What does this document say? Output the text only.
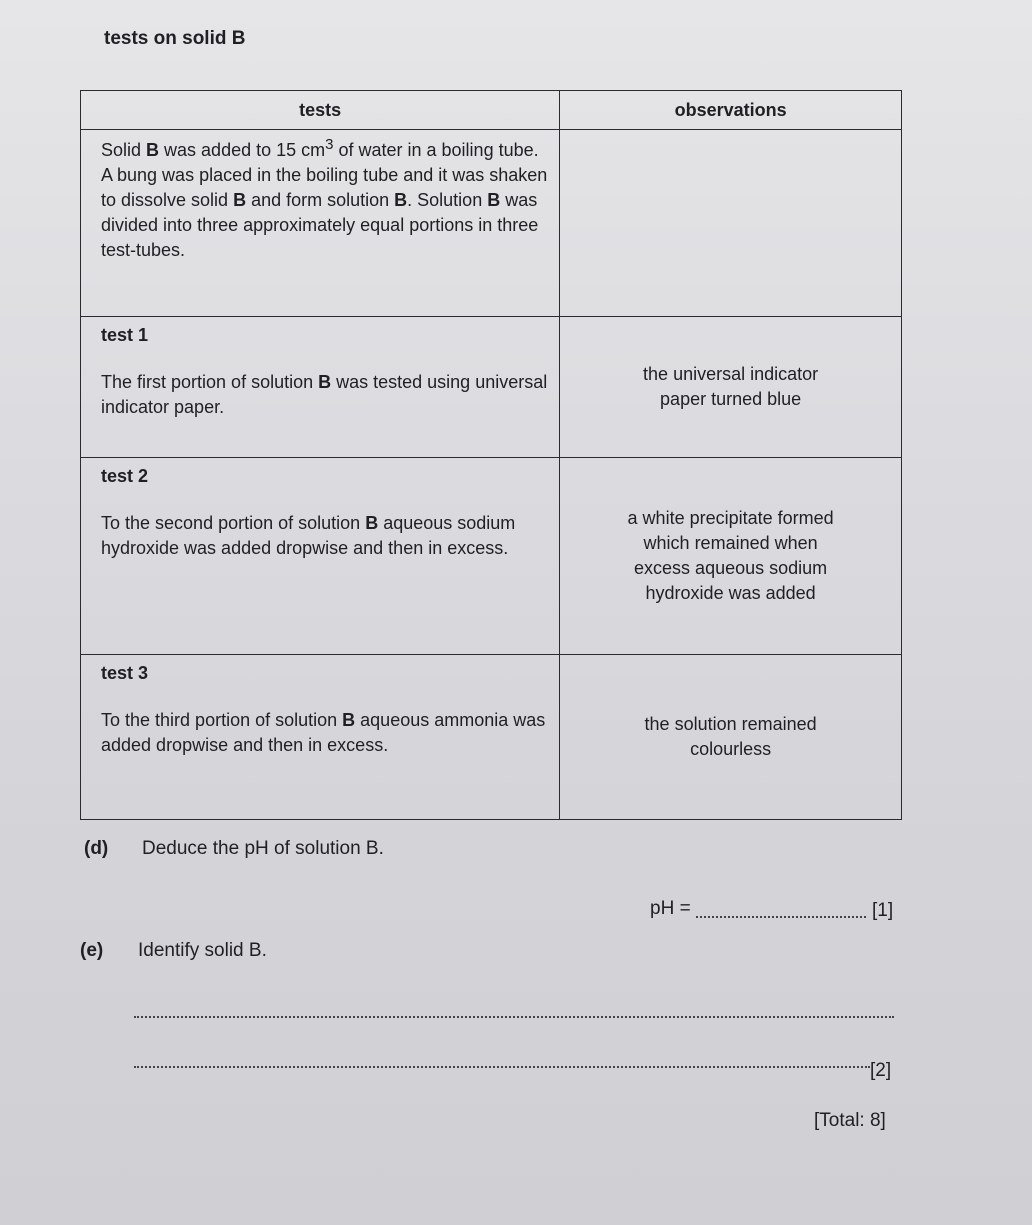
tests on solid B
tests	observations
Solid B was added to 15 $cm^3$ of water in a boiling tube. A bung was placed in the boiling tube and it was shaken to dissolve solid B and form solution B. Solution B was divided into three approximately equal portions in three test-tubes.	

test 1
The first portion of solution B was tested using universal indicator paper.	the universal indicator
paper turned blue

test 2
To the second portion of solution B aqueous sodium hydroxide was added dropwise and then in excess.	a white precipitate formed
which remained when
excess aqueous sodium
hydroxide was added

test 3
To the third portion of solution B aqueous ammonia was added dropwise and then in excess.	the solution remained
colourless
(d) Deduce the pH of solution B.
pH =	[1]
(e) Identify solid B.
[2]
[Total: 8]
